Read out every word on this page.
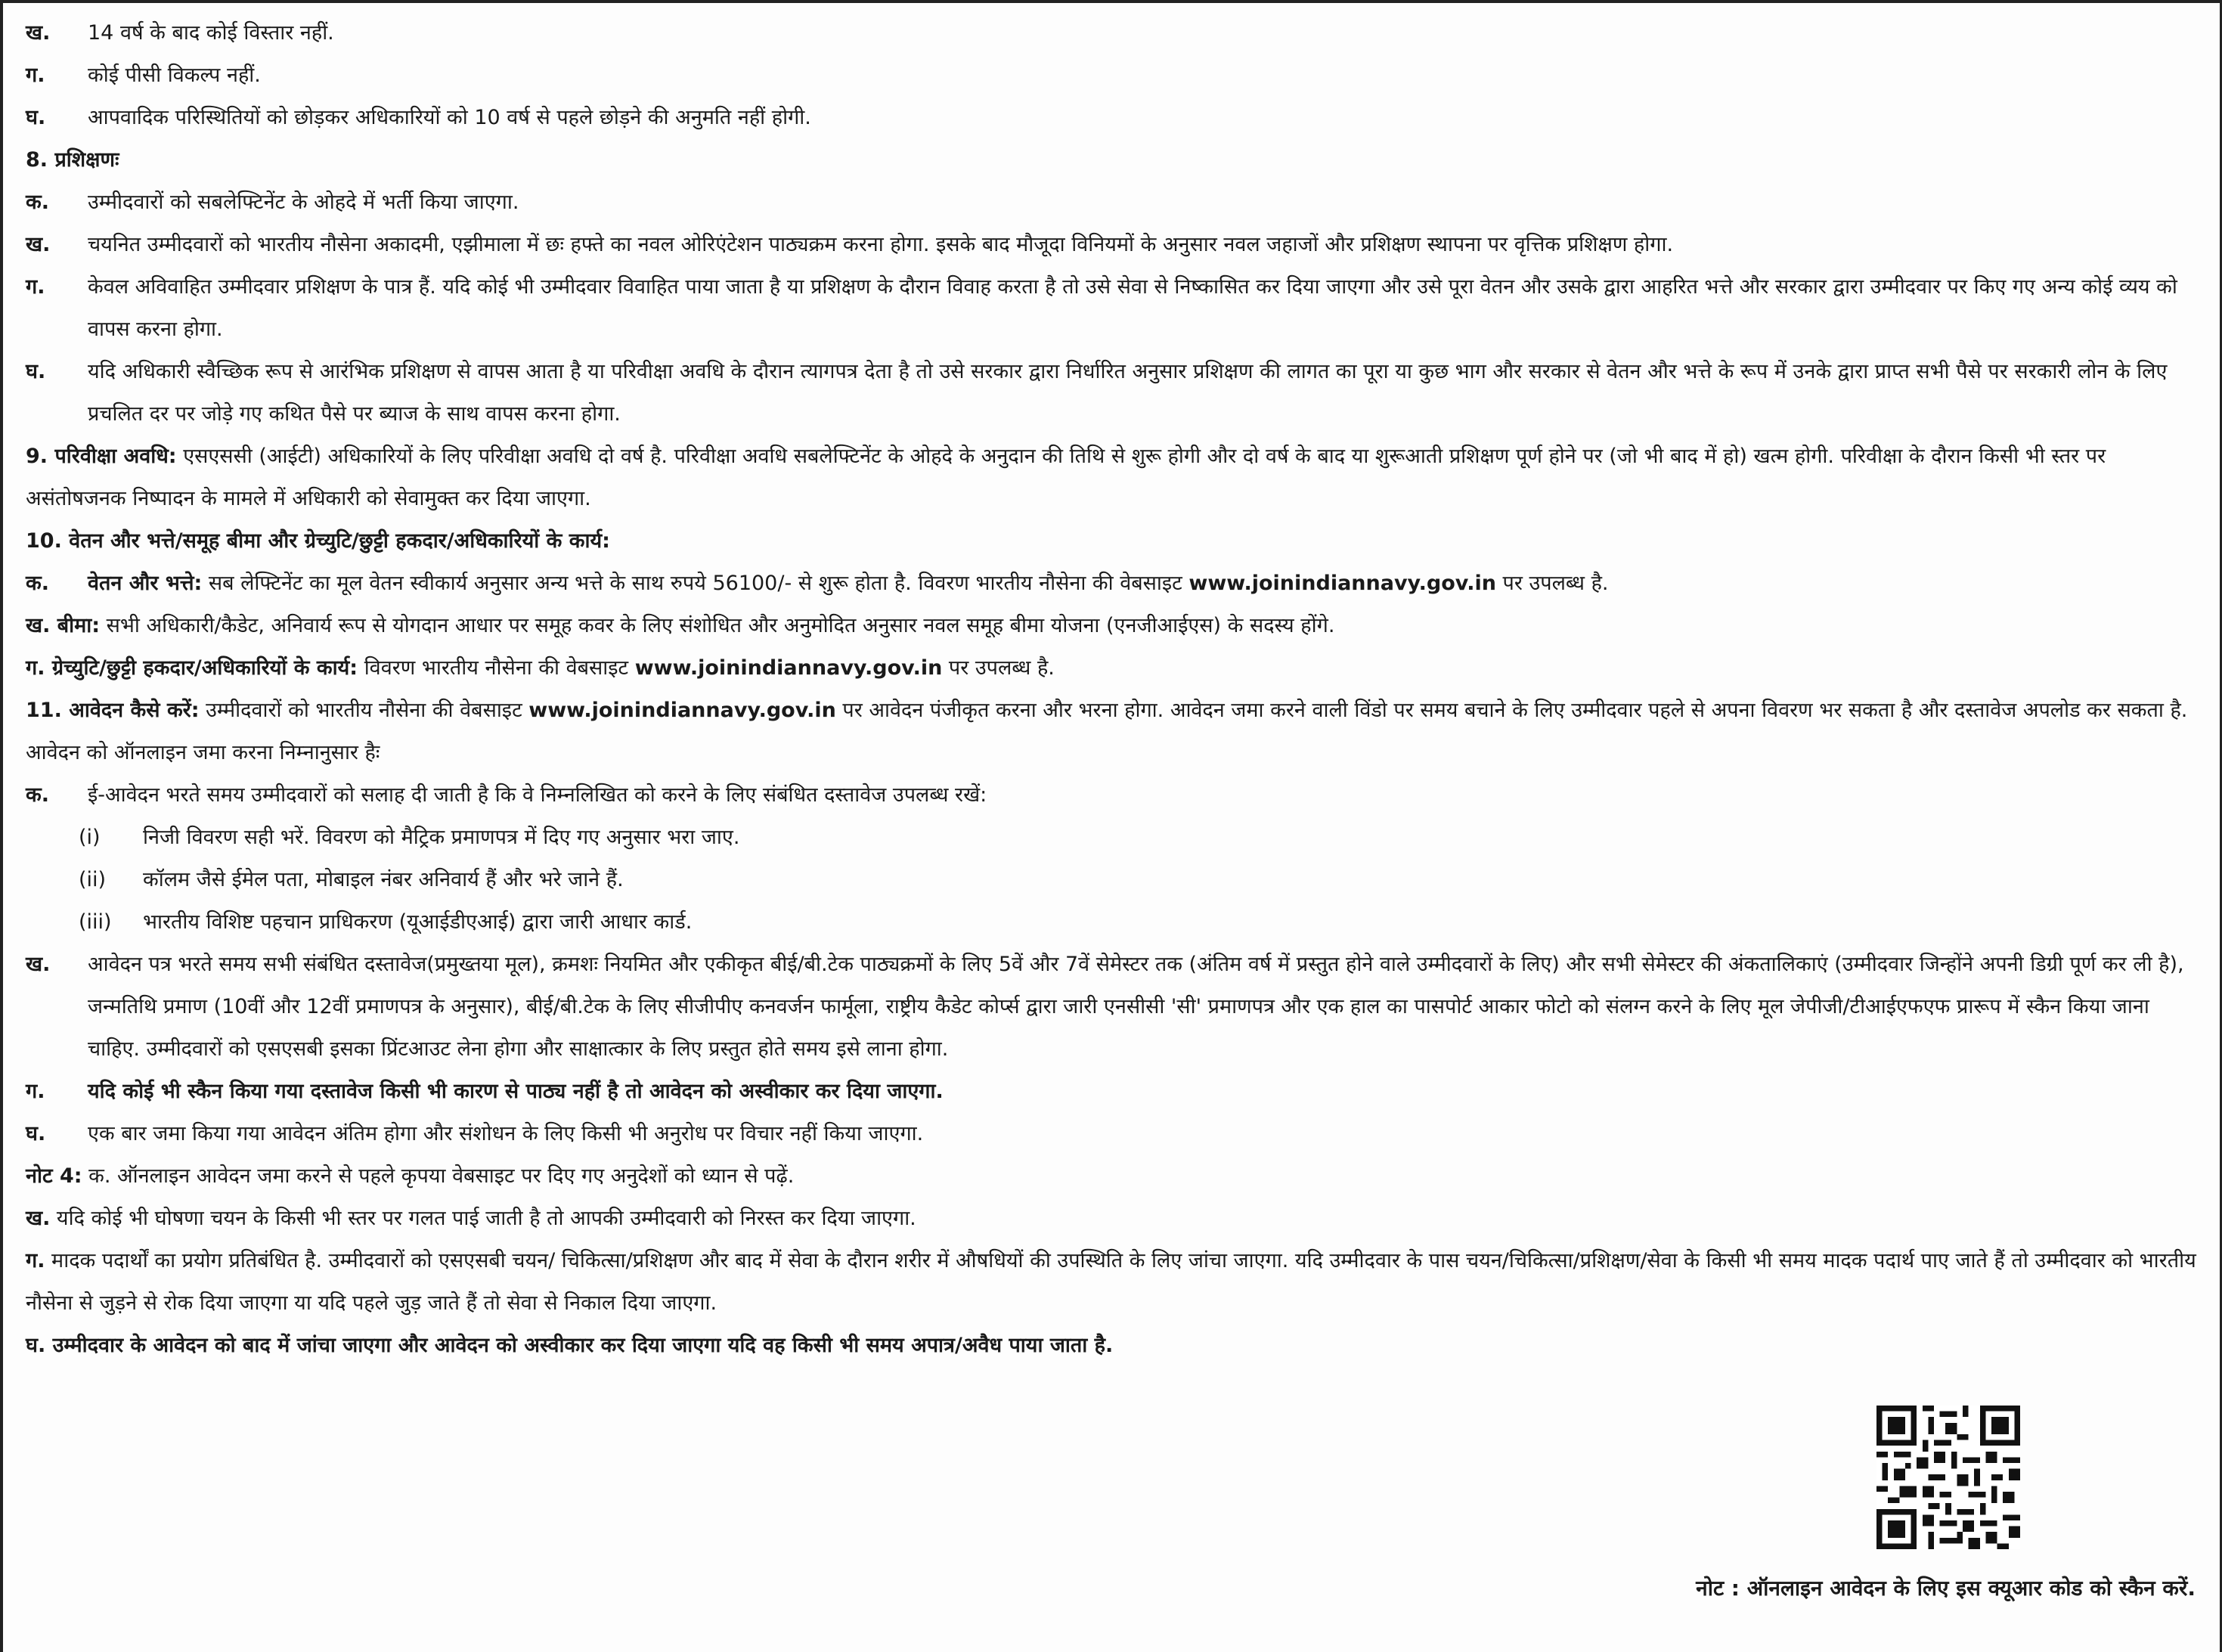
ख.	14 वर्ष के बाद कोई विस्तार नहीं.
ग.	कोई पीसी विकल्प नहीं.
घ.	आपवादिक परिस्थितियों को छोड़कर अधिकारियों को 10 वर्ष से पहले छोड़ने की अनुमति नहीं होगी.
8. प्रशिक्षणः
क.	उम्मीदवारों को सबलेफ्टिनेंट के ओहदे में भर्ती किया जाएगा.
ख.	चयनित उम्मीदवारों को भारतीय नौसेना अकादमी, एझीमाला में छः हफ्ते का नवल ओरिएंटेशन पाठ्यक्रम करना होगा. इसके बाद मौजूदा विनियमों के अनुसार नवल जहाजों और प्रशिक्षण स्थापना पर वृत्तिक प्रशिक्षण होगा.
ग.	केवल अविवाहित उम्मीदवार प्रशिक्षण के पात्र हैं. यदि कोई भी उम्मीदवार विवाहित पाया जाता है या प्रशिक्षण के दौरान विवाह करता है तो उसे सेवा से निष्कासित कर दिया जाएगा और उसे पूरा वेतन और उसके द्वारा आहरित भत्ते और सरकार द्वारा उम्मीदवार पर किए गए अन्य कोई व्यय को वापस करना होगा.
घ.	यदि अधिकारी स्वैच्छिक रूप से आरंभिक प्रशिक्षण से वापस आता है या परिवीक्षा अवधि के दौरान त्यागपत्र देता है तो उसे सरकार द्वारा निर्धारित अनुसार प्रशिक्षण की लागत का पूरा या कुछ भाग और सरकार से वेतन और भत्ते के रूप में उनके द्वारा प्राप्त सभी पैसे पर सरकारी लोन के लिए प्रचलित दर पर जोड़े गए कथित पैसे पर ब्याज के साथ वापस करना होगा.
9. परिवीक्षा अवधि: एसएससी (आईटी) अधिकारियों के लिए परिवीक्षा अवधि दो वर्ष है. परिवीक्षा अवधि सबलेफ्टिनेंट के ओहदे के अनुदान की तिथि से शुरू होगी और दो वर्ष के बाद या शुरूआती प्रशिक्षण पूर्ण होने पर (जो भी बाद में हो) खत्म होगी. परिवीक्षा के दौरान किसी भी स्तर पर असंतोषजनक निष्पादन के मामले में अधिकारी को सेवामुक्त कर दिया जाएगा.
10. वेतन और भत्ते/समूह बीमा और ग्रेच्युटि/छुट्टी हकदार/अधिकारियों के कार्य:
क.	वेतन और भत्ते: सब लेफ्टिनेंट का मूल वेतन स्वीकार्य अनुसार अन्य भत्ते के साथ रुपये 56100/- से शुरू होता है. विवरण भारतीय नौसेना की वेबसाइट www.joinindiannavy.gov.in पर उपलब्ध है.
ख. बीमा: सभी अधिकारी/कैडेट, अनिवार्य रूप से योगदान आधार पर समूह कवर के लिए संशोधित और अनुमोदित अनुसार नवल समूह बीमा योजना (एनजीआईएस) के सदस्य होंगे.
ग. ग्रेच्युटि/छुट्टी हकदार/अधिकारियों के कार्य: विवरण भारतीय नौसेना की वेबसाइट www.joinindiannavy.gov.in पर उपलब्ध है.
11. आवेदन कैसे करें: उम्मीदवारों को भारतीय नौसेना की वेबसाइट www.joinindiannavy.gov.in पर आवेदन पंजीकृत करना और भरना होगा. आवेदन जमा करने वाली विंडो पर समय बचाने के लिए उम्मीदवार पहले से अपना विवरण भर सकता है और दस्तावेज अपलोड कर सकता है. आवेदन को ऑनलाइन जमा करना निम्नानुसार हैः
क.	ई-आवेदन भरते समय उम्मीदवारों को सलाह दी जाती है कि वे निम्नलिखित को करने के लिए संबंधित दस्तावेज उपलब्ध रखें:
(i)	निजी विवरण सही भरें. विवरण को मैट्रिक प्रमाणपत्र में दिए गए अनुसार भरा जाए.
(ii)	कॉलम जैसे ईमेल पता, मोबाइल नंबर अनिवार्य हैं और भरे जाने हैं.
(iii)	भारतीय विशिष्ट पहचान प्राधिकरण (यूआईडीएआई) द्वारा जारी आधार कार्ड.
ख.	आवेदन पत्र भरते समय सभी संबंधित दस्तावेज(प्रमुख्तया मूल), क्रमशः नियमित और एकीकृत बीई/बी.टेक पाठ्यक्रमों के लिए 5वें और 7वें सेमेस्टर तक (अंतिम वर्ष में प्रस्तुत होने वाले उम्मीदवारों के लिए) और सभी सेमेस्टर की अंकतालिकाएं (उम्मीदवार जिन्होंने अपनी डिग्री पूर्ण कर ली है), जन्मतिथि प्रमाण (10वीं और 12वीं प्रमाणपत्र के अनुसार), बीई/बी.टेक के लिए सीजीपीए कनवर्जन फार्मूला, राष्ट्रीय कैडेट कोर्प्स द्वारा जारी एनसीसी 'सी' प्रमाणपत्र और एक हाल का पासपोर्ट आकार फोटो को संलग्न करने के लिए मूल जेपीजी/टीआईएफएफ प्रारूप में स्कैन किया जाना चाहिए. उम्मीदवारों को एसएसबी इसका प्रिंटआउट लेना होगा और साक्षात्कार के लिए प्रस्तुत होते समय इसे लाना होगा.
ग.	यदि कोई भी स्कैन किया गया दस्तावेज किसी भी कारण से पाठ्य नहीं है तो आवेदन को अस्वीकार कर दिया जाएगा.
घ.	एक बार जमा किया गया आवेदन अंतिम होगा और संशोधन के लिए किसी भी अनुरोध पर विचार नहीं किया जाएगा.
नोट 4: क. ऑनलाइन आवेदन जमा करने से पहले कृपया वेबसाइट पर दिए गए अनुदेशों को ध्यान से पढ़ें.
ख. यदि कोई भी घोषणा चयन के किसी भी स्तर पर गलत पाई जाती है तो आपकी उम्मीदवारी को निरस्त कर दिया जाएगा.
ग. मादक पदार्थों का प्रयोग प्रतिबंधित है. उम्मीदवारों को एसएसबी चयन/ चिकित्सा/प्रशिक्षण और बाद में सेवा के दौरान शरीर में औषधियों की उपस्थिति के लिए जांचा जाएगा. यदि उम्मीदवार के पास चयन/चिकित्सा/प्रशिक्षण/सेवा के किसी भी समय मादक पदार्थ पाए जाते हैं तो उम्मीदवार को भारतीय नौसेना से जुड़ने से रोक दिया जाएगा या यदि पहले जुड़ जाते हैं तो सेवा से निकाल दिया जाएगा.
घ. उम्मीदवार के आवेदन को बाद में जांचा जाएगा और आवेदन को अस्वीकार कर दिया जाएगा यदि वह किसी भी समय अपात्र/अवैध पाया जाता है.
नोट : ऑनलाइन आवेदन के लिए इस क्यूआर कोड को स्कैन करें.
